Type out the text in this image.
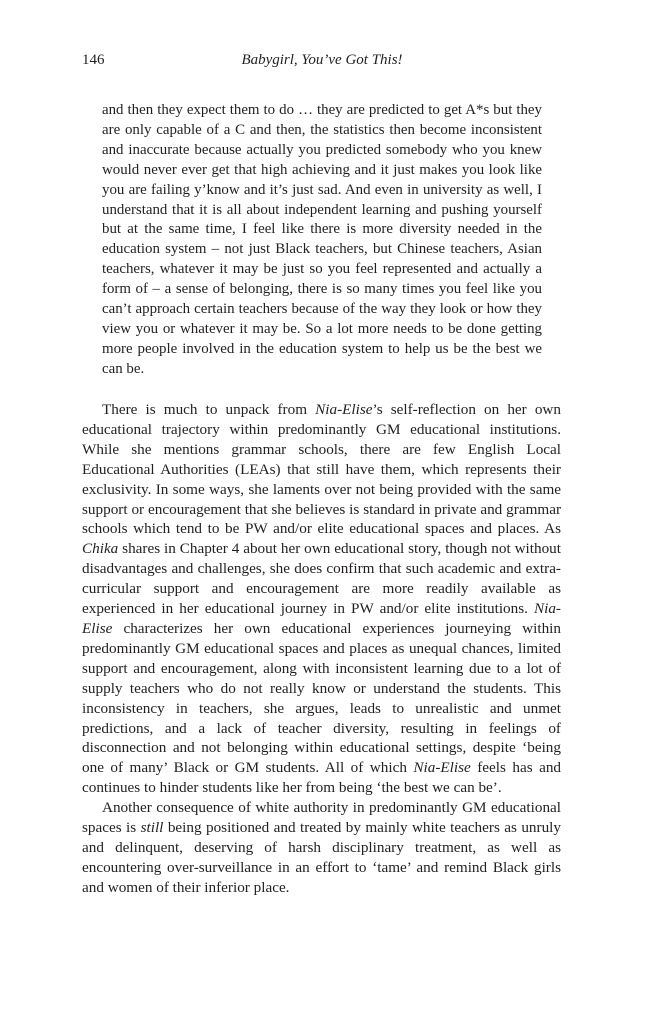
146	Babygirl, You’ve Got This!

and then they expect them to do … they are predicted to get A*s but they are only capable of a C and then, the statistics then become inconsistent and inaccurate because actually you predicted somebody who you knew would never ever get that high achieving and it just makes you look like you are failing y’know and it’s just sad. And even in university as well, I understand that it is all about independent learning and pushing yourself but at the same time, I feel like there is more diversity needed in the education system – not just Black teachers, but Chinese teachers, Asian teachers, whatever it may be just so you feel represented and actually a form of – a sense of belonging, there is so many times you feel like you can’t approach certain teachers because of the way they look or how they view you or whatever it may be. So a lot more needs to be done getting more people involved in the education system to help us be the best we can be.

There is much to unpack from Nia-Elise’s self-reflection on her own educational trajectory within predominantly GM educational institutions. While she mentions grammar schools, there are few English Local Educational Authorities (LEAs) that still have them, which represents their exclusivity. In some ways, she laments over not being provided with the same support or encouragement that she believes is standard in private and grammar schools which tend to be PW and/or elite educational spaces and places. As Chika shares in Chapter 4 about her own educational story, though not without disadvantages and challenges, she does confirm that such academic and extra-curricular support and encouragement are more readily available as experienced in her educational journey in PW and/or elite institutions. Nia-Elise characterizes her own educational experiences journeying within predominantly GM educational spaces and places as unequal chances, limited support and encouragement, along with inconsistent learning due to a lot of supply teachers who do not really know or understand the students. This inconsistency in teachers, she argues, leads to unrealistic and unmet predictions, and a lack of teacher diversity, resulting in feelings of disconnection and not belonging within educational settings, despite ‘being one of many’ Black or GM students. All of which Nia-Elise feels has and continues to hinder students like her from being ‘the best we can be’.

Another consequence of white authority in predominantly GM educational spaces is still being positioned and treated by mainly white teachers as unruly and delinquent, deserving of harsh disciplinary treatment, as well as encountering over-surveillance in an effort to ‘tame’ and remind Black girls and women of their inferior place.
